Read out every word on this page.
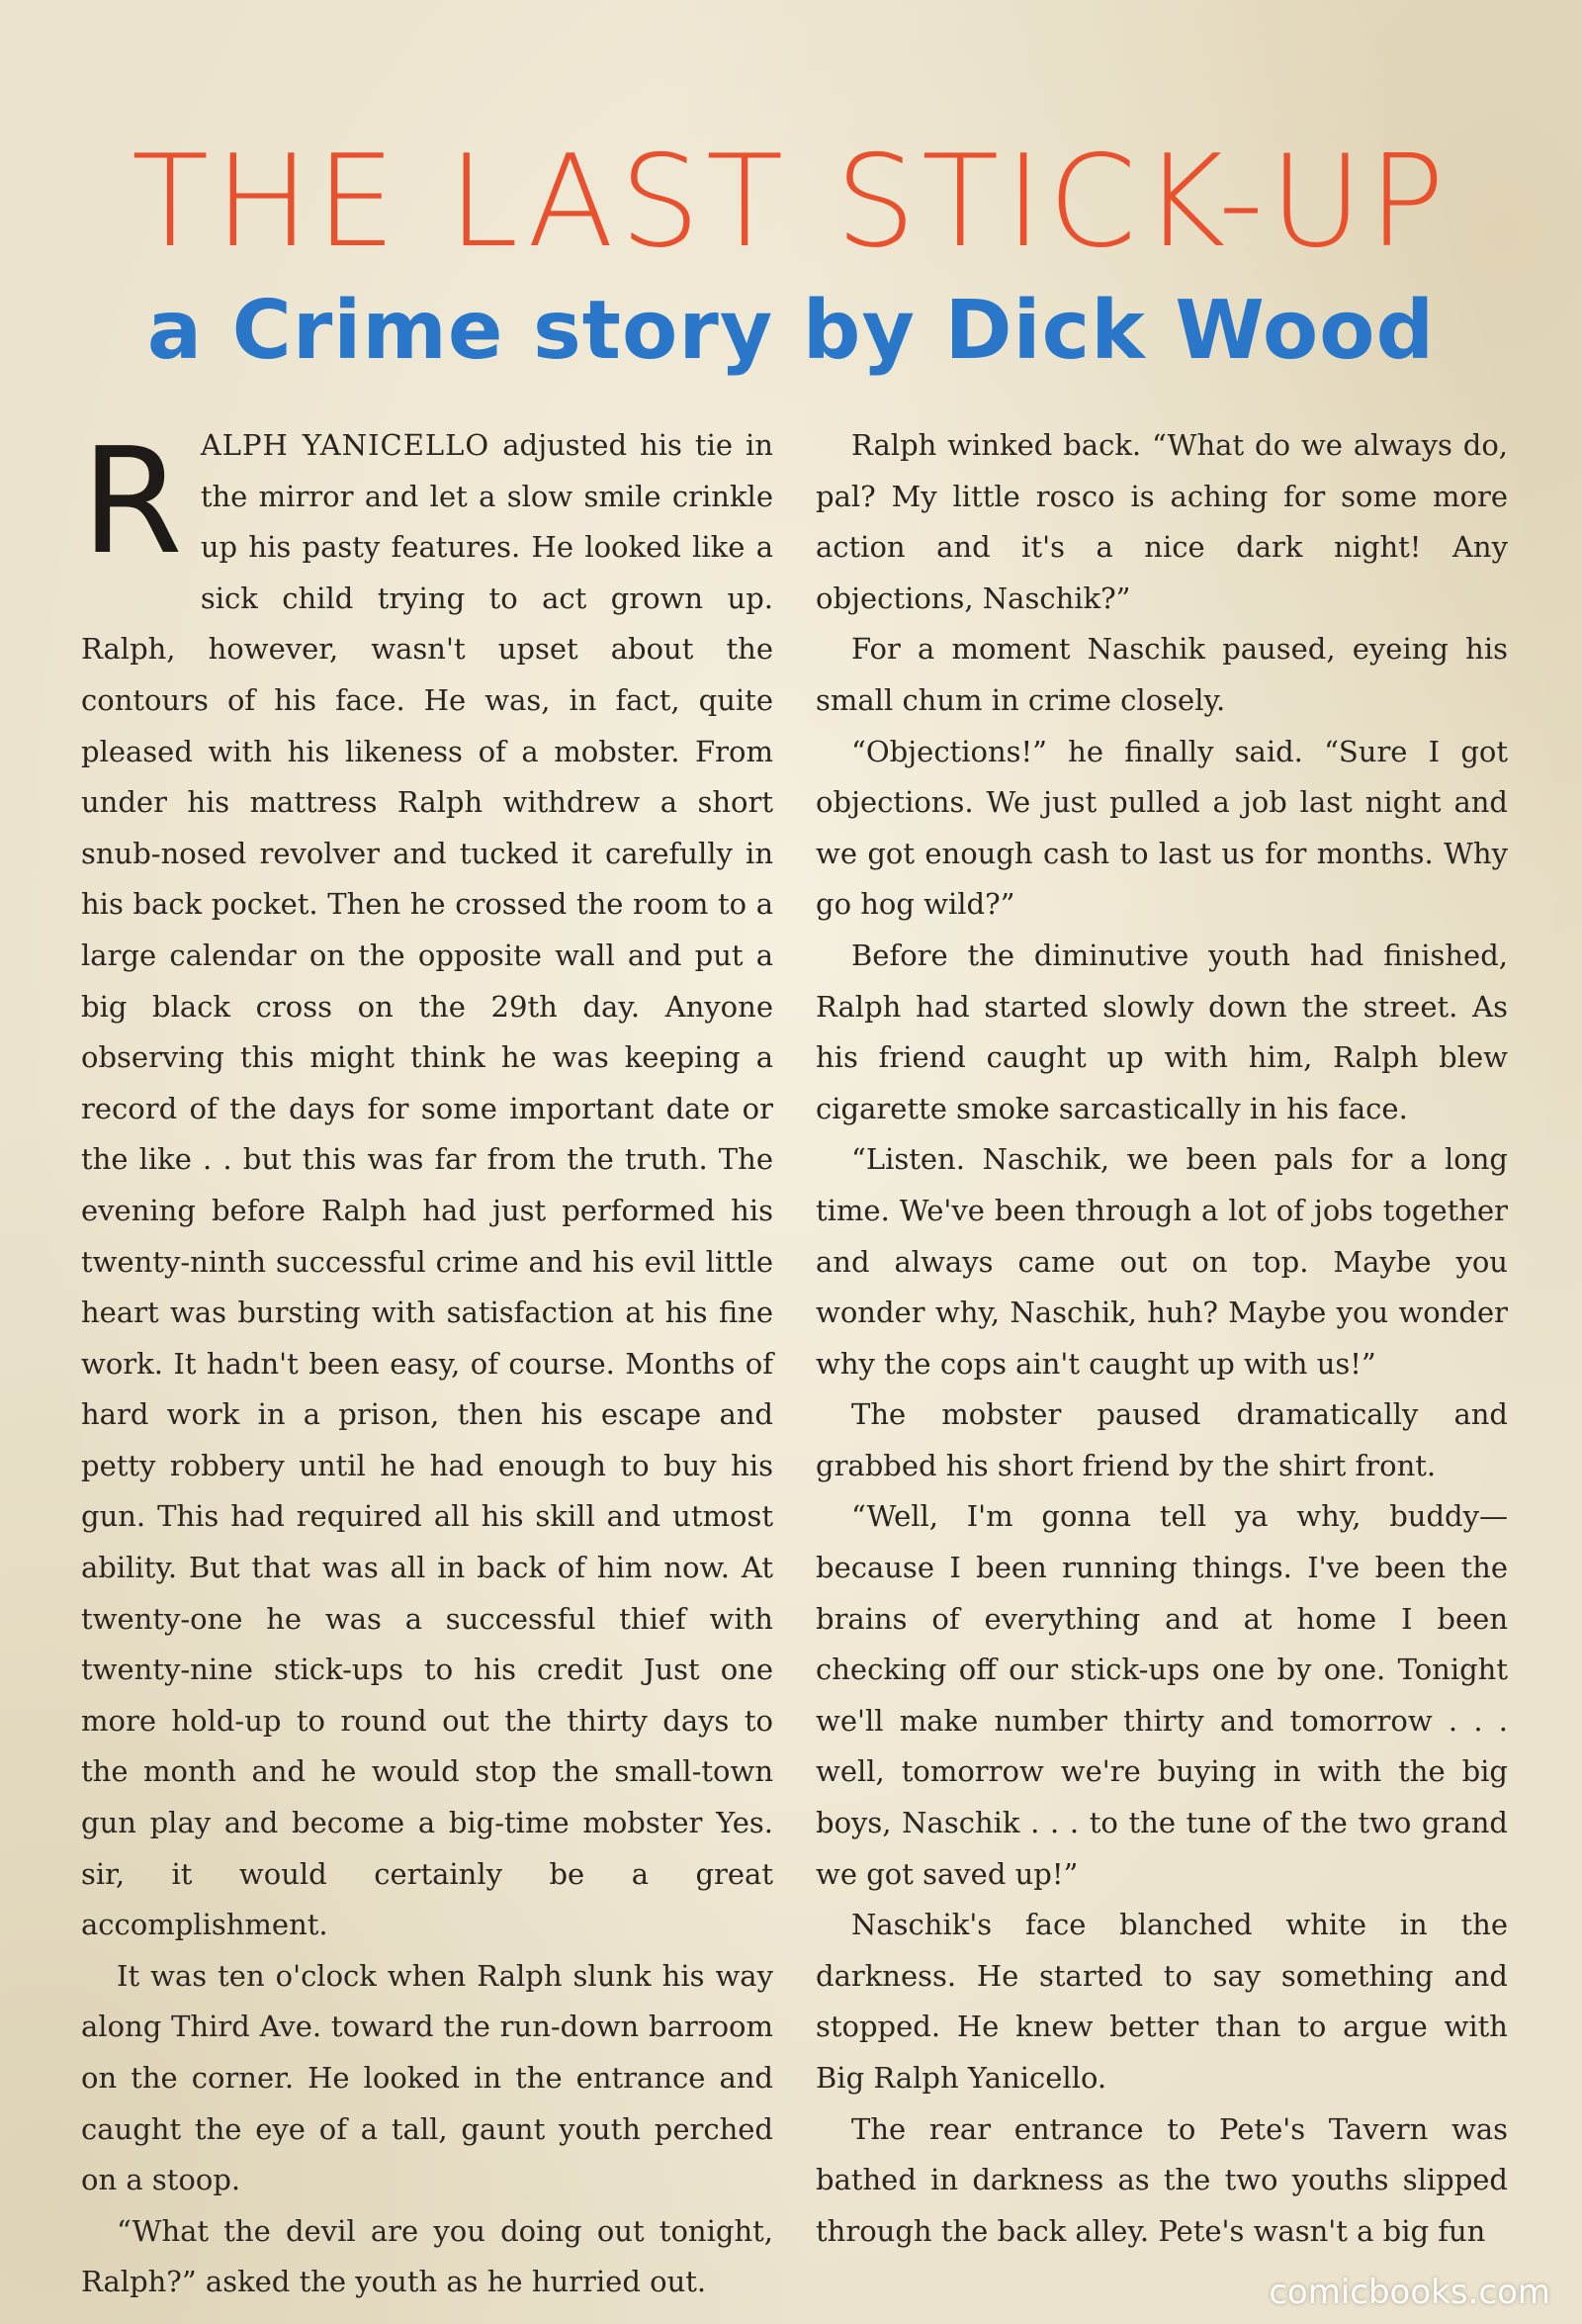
THE LAST STICK-UP
a Crime story by Dick Wood

RALPH YANICELLO adjusted his tie in the mirror and let a slow smile crinkle up his pasty features. He looked like a sick child trying to act grown up. Ralph, however, wasn't upset about the contours of his face. He was, in fact, quite pleased with his likeness of a mobster. From under his mattress Ralph withdrew a short snub-nosed revolver and tucked it carefully in his back pocket. Then he crossed the room to a large calendar on the opposite wall and put a big black cross on the 29th day. Anyone observing this might think he was keeping a record of the days for some important date or the like . . but this was far from the truth. The evening before Ralph had just performed his twenty-ninth successful crime and his evil little heart was bursting with satisfaction at his fine work. It hadn't been easy, of course. Months of hard work in a prison, then his escape and petty robbery until he had enough to buy his gun. This had required all his skill and utmost ability. But that was all in back of him now. At twenty-one he was a successful thief with twenty-nine stick-ups to his credit Just one more hold-up to round out the thirty days to the month and he would stop the small-town gun play and become a big-time mobster Yes. sir, it would certainly be a great accomplishment.

It was ten o'clock when Ralph slunk his way along Third Ave. toward the run-down barroom on the corner. He looked in the entrance and caught the eye of a tall, gaunt youth perched on a stoop.

“What the devil are you doing out tonight, Ralph?” asked the youth as he hurried out.

Ralph winked back. “What do we always do, pal? My little rosco is aching for some more action and it's a nice dark night! Any objections, Naschik?”

For a moment Naschik paused, eyeing his small chum in crime closely.

“Objections!” he finally said. “Sure I got objections. We just pulled a job last night and we got enough cash to last us for months. Why go hog wild?”

Before the diminutive youth had finished, Ralph had started slowly down the street. As his friend caught up with him, Ralph blew cigarette smoke sarcastically in his face.

“Listen. Naschik, we been pals for a long time. We've been through a lot of jobs together and always came out on top. Maybe you wonder why, Naschik, huh? Maybe you wonder why the cops ain't caught up with us!”

The mobster paused dramatically and grabbed his short friend by the shirt front.

“Well, I'm gonna tell ya why, buddy—because I been running things. I've been the brains of everything and at home I been checking off our stick-ups one by one. Tonight we'll make number thirty and tomorrow . . . well, tomorrow we're buying in with the big boys, Naschik . . . to the tune of the two grand we got saved up!”

Naschik's face blanched white in the darkness. He started to say something and stopped. He knew better than to argue with Big Ralph Yanicello.

The rear entrance to Pete's Tavern was bathed in darkness as the two youths slipped through the back alley. Pete's wasn't a big fun

comicbooks.com
